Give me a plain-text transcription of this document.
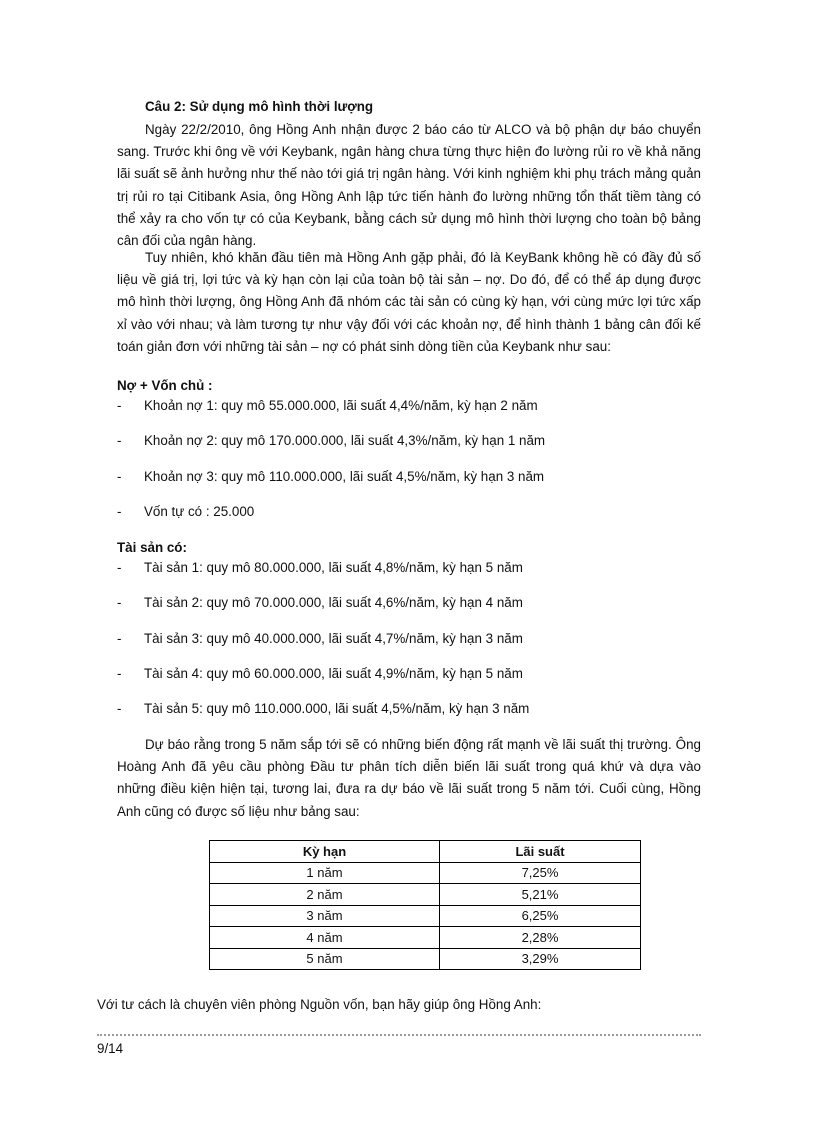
Câu 2: Sử dụng mô hình thời lượng
Ngày 22/2/2010, ông Hồng Anh nhận được 2 báo cáo từ ALCO và bộ phận dự báo chuyển sang. Trước khi ông về với Keybank, ngân hàng chưa từng thực hiện đo lường rủi ro về khả năng lãi suất sẽ ảnh hưởng như thế nào tới giá trị ngân hàng. Với kinh nghiệm khi phụ trách mảng quản trị rủi ro tại Citibank Asia, ông Hồng Anh lập tức tiến hành đo lường những tổn thất tiềm tàng có thể xảy ra cho vốn tự có của Keybank, bằng cách sử dụng mô hình thời lượng cho toàn bộ bảng cân đối của ngân hàng.
Tuy nhiên, khó khăn đầu tiên mà Hồng Anh gặp phải, đó là KeyBank không hề có đầy đủ số liệu về giá trị, lợi tức và kỳ hạn còn lại của toàn bộ tài sản – nợ. Do đó, để có thể áp dụng được mô hình thời lượng, ông Hồng Anh đã nhóm các tài sản có cùng kỳ hạn, với cùng mức lợi tức xấp xỉ vào với nhau; và làm tương tự như vậy đối với các khoản nợ, để hình thành 1 bảng cân đối kế toán giản đơn với những tài sản – nợ có phát sinh dòng tiền của Keybank như sau:
Nợ + Vốn chủ :
- Khoản nợ 1: quy mô 55.000.000, lãi suất 4,4%/năm, kỳ hạn 2 năm
- Khoản nợ 2: quy mô 170.000.000, lãi suất 4,3%/năm, kỳ hạn 1 năm
- Khoản nợ 3: quy mô 110.000.000, lãi suất 4,5%/năm, kỳ hạn 3 năm
- Vốn tự có : 25.000
Tài sản có:
- Tài sản 1: quy mô 80.000.000, lãi suất 4,8%/năm, kỳ hạn 5 năm
- Tài sản 2: quy mô 70.000.000, lãi suất 4,6%/năm, kỳ hạn 4 năm
- Tài sản 3: quy mô 40.000.000, lãi suất 4,7%/năm, kỳ hạn 3 năm
- Tài sản 4: quy mô 60.000.000, lãi suất 4,9%/năm, kỳ hạn 5 năm
- Tài sản 5: quy mô 110.000.000, lãi suất 4,5%/năm, kỳ hạn 3 năm
Dự báo rằng trong 5 năm sắp tới sẽ có những biến động rất mạnh về lãi suất thị trường. Ông Hoàng Anh đã yêu cầu phòng Đầu tư phân tích diễn biến lãi suất trong quá khứ và dựa vào những điều kiện hiện tại, tương lai, đưa ra dự báo về lãi suất trong 5 năm tới. Cuối cùng, Hồng Anh cũng có được số liệu như bảng sau:
Kỳ hạn	Lãi suất
1 năm	7,25%
2 năm	5,21%
3 năm	6,25%
4 năm	2,28%
5 năm	3,29%
Với tư cách là chuyên viên phòng Nguồn vốn, bạn hãy giúp ông Hồng Anh:
9/14
